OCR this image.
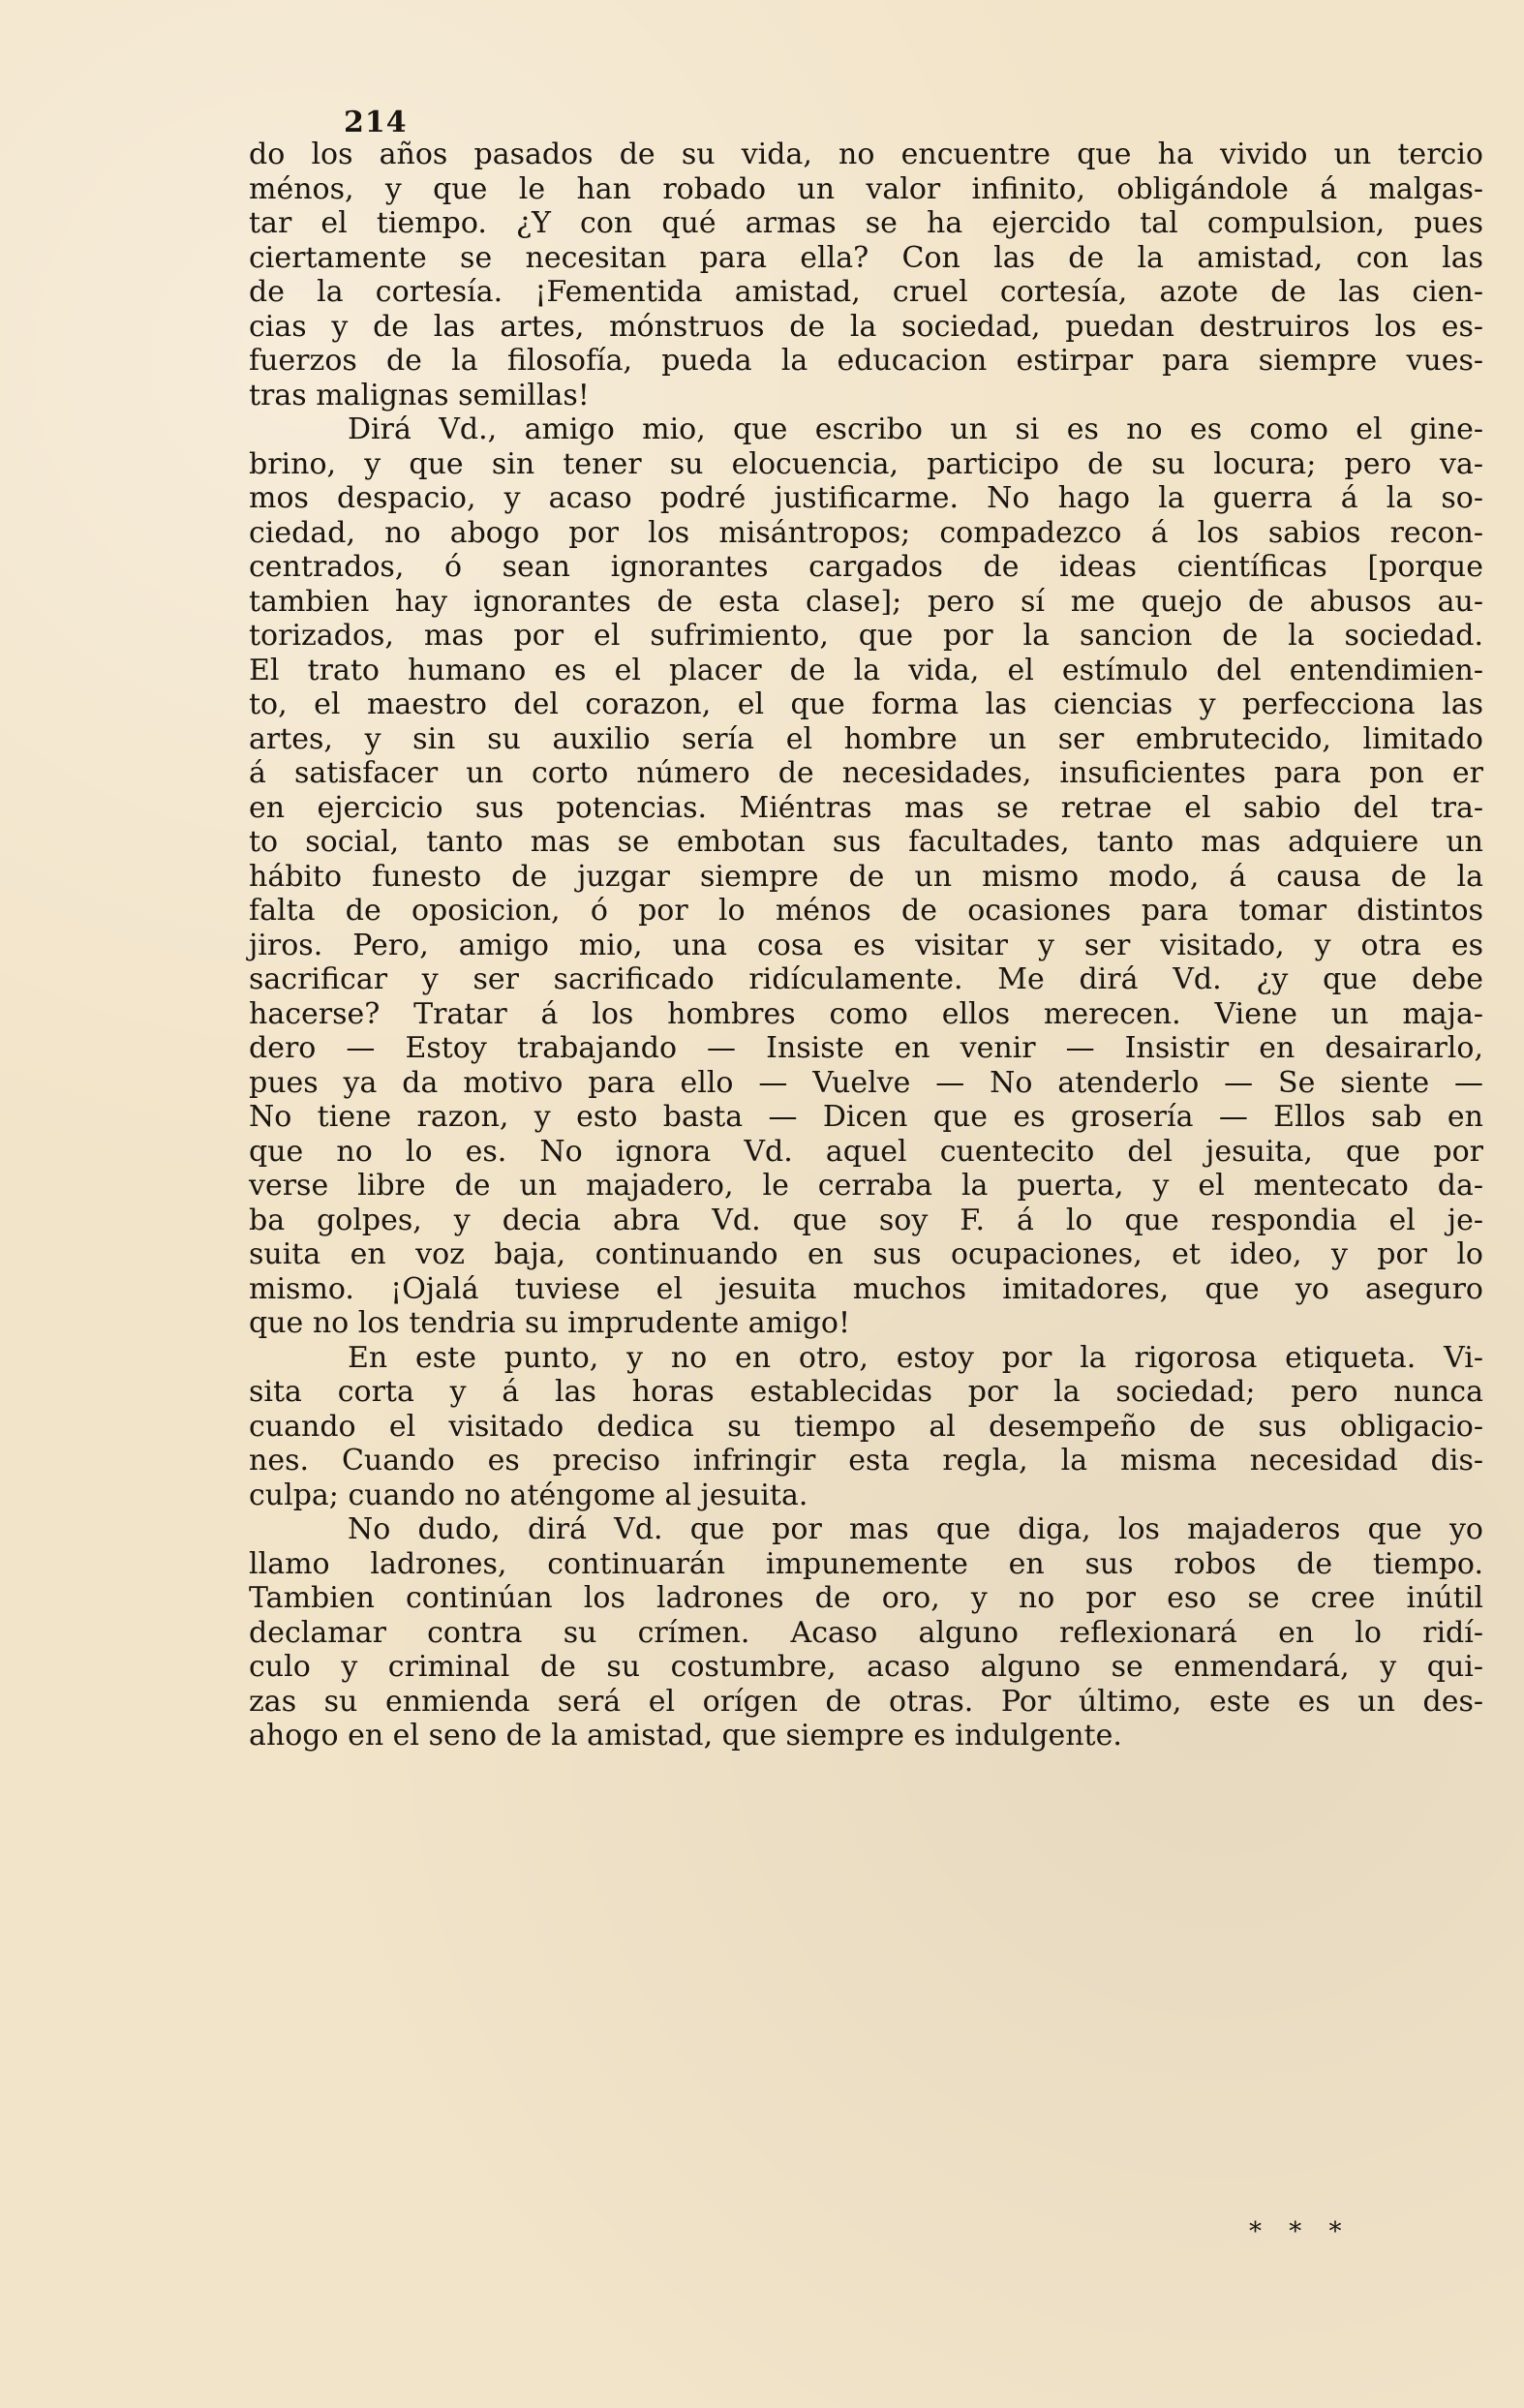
214
do los años pasados de su vida, no encuentre que ha vivido un tercio
ménos, y que le han robado un valor infinito, obligándole á malgas-
tar el tiempo. ¿Y con qué armas se ha ejercido tal compulsion, pues
ciertamente se necesitan para ella? Con las de la amistad, con las
de la cortesía. ¡Fementida amistad, cruel cortesía, azote de las cien-
cias y de las artes, mónstruos de la sociedad, puedan destruiros los es-
fuerzos de la filosofía, pueda la educacion estirpar para siempre vues-
tras malignas semillas!
Dirá Vd., amigo mio, que escribo un si es no es como el gine-
brino, y que sin tener su elocuencia, participo de su locura; pero va-
mos despacio, y acaso podré justificarme. No hago la guerra á la so-
ciedad, no abogo por los misántropos; compadezco á los sabios recon-
centrados, ó sean ignorantes cargados de ideas científicas [porque
tambien hay ignorantes de esta clase]; pero sí me quejo de abusos au-
torizados, mas por el sufrimiento, que por la sancion de la sociedad.
El trato humano es el placer de la vida, el estímulo del entendimien-
to, el maestro del corazon, el que forma las ciencias y perfecciona las
artes, y sin su auxilio sería el hombre un ser embrutecido, limitado
á satisfacer un corto número de necesidades, insuficientes para pon er
en ejercicio sus potencias. Miéntras mas se retrae el sabio del tra-
to social, tanto mas se embotan sus facultades, tanto mas adquiere un
hábito funesto de juzgar siempre de un mismo modo, á causa de la
falta de oposicion, ó por lo ménos de ocasiones para tomar distintos
jiros. Pero, amigo mio, una cosa es visitar y ser visitado, y otra es
sacrificar y ser sacrificado ridículamente. Me dirá Vd. ¿y que debe
hacerse? Tratar á los hombres como ellos merecen. Viene un maja-
dero — Estoy trabajando — Insiste en venir — Insistir en desairarlo,
pues ya da motivo para ello — Vuelve — No atenderlo — Se siente —
No tiene razon, y esto basta — Dicen que es grosería — Ellos sab en
que no lo es. No ignora Vd. aquel cuentecito del jesuita, que por
verse libre de un majadero, le cerraba la puerta, y el mentecato da-
ba golpes, y decia abra Vd. que soy F. á lo que respondia el je-
suita en voz baja, continuando en sus ocupaciones, et ideo, y por lo
mismo. ¡Ojalá tuviese el jesuita muchos imitadores, que yo aseguro
que no los tendria su imprudente amigo!
En este punto, y no en otro, estoy por la rigorosa etiqueta. Vi-
sita corta y á las horas establecidas por la sociedad; pero nunca
cuando el visitado dedica su tiempo al desempeño de sus obligacio-
nes. Cuando es preciso infringir esta regla, la misma necesidad dis-
culpa; cuando no aténgome al jesuita.
No dudo, dirá Vd. que por mas que diga, los majaderos que yo
llamo ladrones, continuarán impunemente en sus robos de tiempo.
Tambien continúan los ladrones de oro, y no por eso se cree inútil
declamar contra su crímen. Acaso alguno reflexionará en lo ridí-
culo y criminal de su costumbre, acaso alguno se enmendará, y qui-
zas su enmienda será el orígen de otras. Por último, este es un des-
ahogo en el seno de la amistad, que siempre es indulgente.
* * *
